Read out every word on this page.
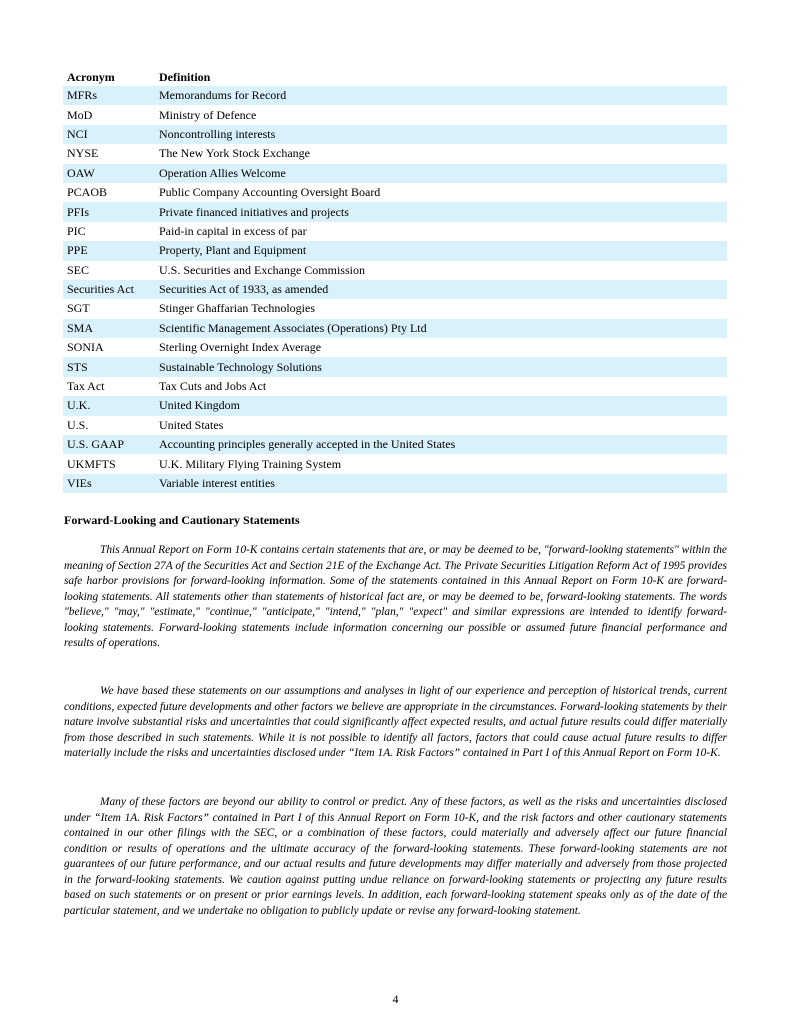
Acronym	Definition
MFRs	Memorandums for Record
MoD	Ministry of Defence
NCI	Noncontrolling interests
NYSE	The New York Stock Exchange
OAW	Operation Allies Welcome
PCAOB	Public Company Accounting Oversight Board
PFIs	Private financed initiatives and projects
PIC	Paid-in capital in excess of par
PPE	Property, Plant and Equipment
SEC	U.S. Securities and Exchange Commission
Securities Act	Securities Act of 1933, as amended
SGT	Stinger Ghaffarian Technologies
SMA	Scientific Management Associates (Operations) Pty Ltd
SONIA	Sterling Overnight Index Average
STS	Sustainable Technology Solutions
Tax Act	Tax Cuts and Jobs Act
U.K.	United Kingdom
U.S.	United States
U.S. GAAP	Accounting principles generally accepted in the United States
UKMFTS	U.K. Military Flying Training System
VIEs	Variable interest entities
Forward-Looking and Cautionary Statements

This Annual Report on Form 10-K contains certain statements that are, or may be deemed to be, "forward-looking statements" within the meaning of Section 27A of the Securities Act and Section 21E of the Exchange Act. The Private Securities Litigation Reform Act of 1995 provides safe harbor provisions for forward-looking information. Some of the statements contained in this Annual Report on Form 10-K are forward-looking statements. All statements other than statements of historical fact are, or may be deemed to be, forward-looking statements. The words "believe," "may," "estimate," "continue," "anticipate," "intend," "plan," "expect" and similar expressions are intended to identify forward-looking statements. Forward-looking statements include information concerning our possible or assumed future financial performance and results of operations.

We have based these statements on our assumptions and analyses in light of our experience and perception of historical trends, current conditions, expected future developments and other factors we believe are appropriate in the circumstances. Forward-looking statements by their nature involve substantial risks and uncertainties that could significantly affect expected results, and actual future results could differ materially from those described in such statements. While it is not possible to identify all factors, factors that could cause actual future results to differ materially include the risks and uncertainties disclosed under “Item 1A. Risk Factors” contained in Part I of this Annual Report on Form 10-K.

Many of these factors are beyond our ability to control or predict. Any of these factors, as well as the risks and uncertainties disclosed under “Item 1A. Risk Factors” contained in Part I of this Annual Report on Form 10-K, and the risk factors and other cautionary statements contained in our other filings with the SEC, or a combination of these factors, could materially and adversely affect our future financial condition or results of operations and the ultimate accuracy of the forward-looking statements. These forward-looking statements are not guarantees of our future performance, and our actual results and future developments may differ materially and adversely from those projected in the forward-looking statements. We caution against putting undue reliance on forward-looking statements or projecting any future results based on such statements or on present or prior earnings levels. In addition, each forward-looking statement speaks only as of the date of the particular statement, and we undertake no obligation to publicly update or revise any forward-looking statement.

4
